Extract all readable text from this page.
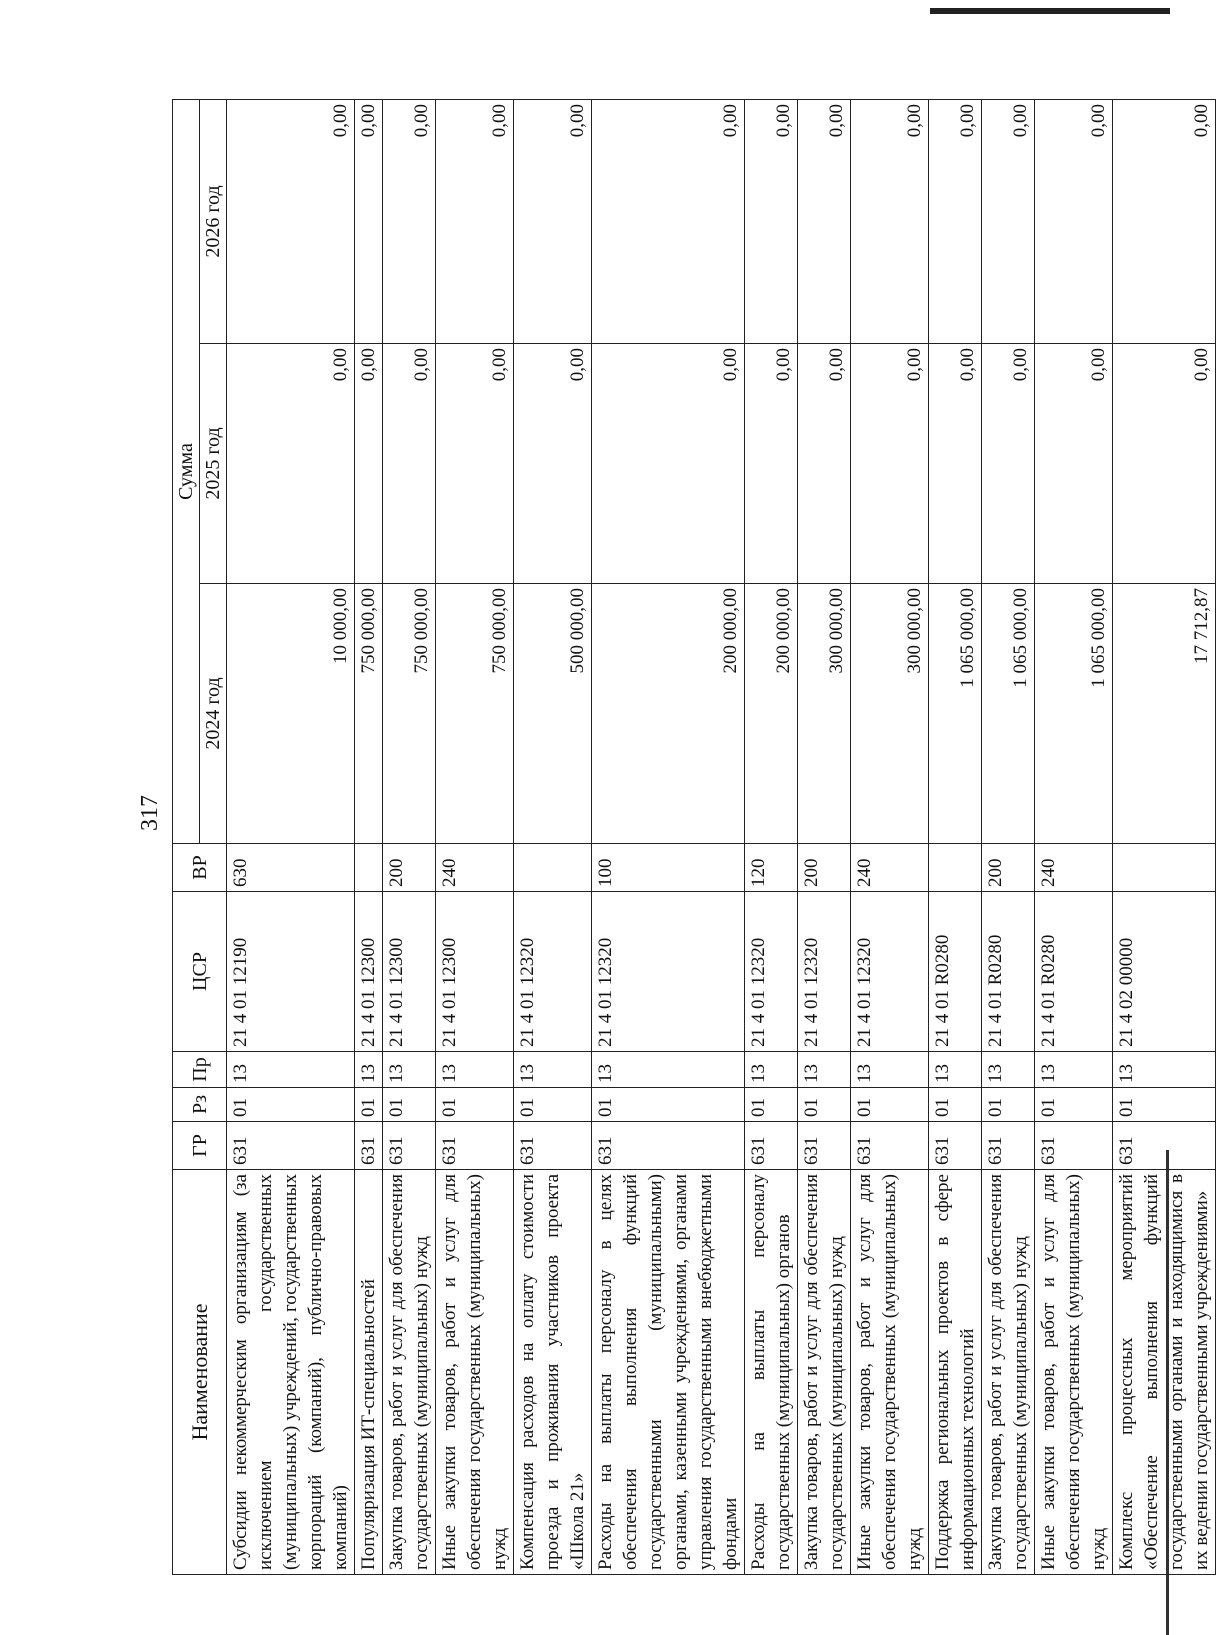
317
Наименование	ГР	Рз	Пр	ЦСР	ВР	Сумма		
						2024 год	2025 год	2026 год
Субсидии некоммерческим организациям (за исключением государственных (муниципальных) учреждений, государственных корпораций (компаний), публично-правовых компаний)	631	01	13	21 4 01 12190	630	10 000,00	0,00	0,00
Популяризация ИТ-специальностей	631	01	13	21 4 01 12300		750 000,00	0,00	0,00
Закупка товаров, работ и услуг для обеспечения государственных (муниципальных) нужд	631	01	13	21 4 01 12300	200	750 000,00	0,00	0,00
Иные закупки товаров, работ и услуг для обеспечения государственных (муниципальных) нужд	631	01	13	21 4 01 12300	240	750 000,00	0,00	0,00
Компенсация расходов на оплату стоимости проезда и проживания участников проекта «Школа 21»	631	01	13	21 4 01 12320		500 000,00	0,00	0,00
Расходы на выплаты персоналу в целях обеспечения выполнения функций государственными (муниципальными) органами, казенными учреждениями, органами управления государственными внебюджетными фондами	631	01	13	21 4 01 12320	100	200 000,00	0,00	0,00
Расходы на выплаты персоналу государственных (муниципальных) органов	631	01	13	21 4 01 12320	120	200 000,00	0,00	0,00
Закупка товаров, работ и услуг для обеспечения государственных (муниципальных) нужд	631	01	13	21 4 01 12320	200	300 000,00	0,00	0,00
Иные закупки товаров, работ и услуг для обеспечения государственных (муниципальных) нужд	631	01	13	21 4 01 12320	240	300 000,00	0,00	0,00
Поддержка региональных проектов в сфере информационных технологий	631	01	13	21 4 01 R0280		1 065 000,00	0,00	0,00
Закупка товаров, работ и услуг для обеспечения государственных (муниципальных) нужд	631	01	13	21 4 01 R0280	200	1 065 000,00	0,00	0,00
Иные закупки товаров, работ и услуг для обеспечения государственных (муниципальных) нужд	631	01	13	21 4 01 R0280	240	1 065 000,00	0,00	0,00
Комплекс процессных мероприятий «Обеспечение выполнения функций государственными органами и находящимися в их ведении государственными учреждениями»	631	01	13	21 4 02 00000		17 712,87	0,00	0,00
